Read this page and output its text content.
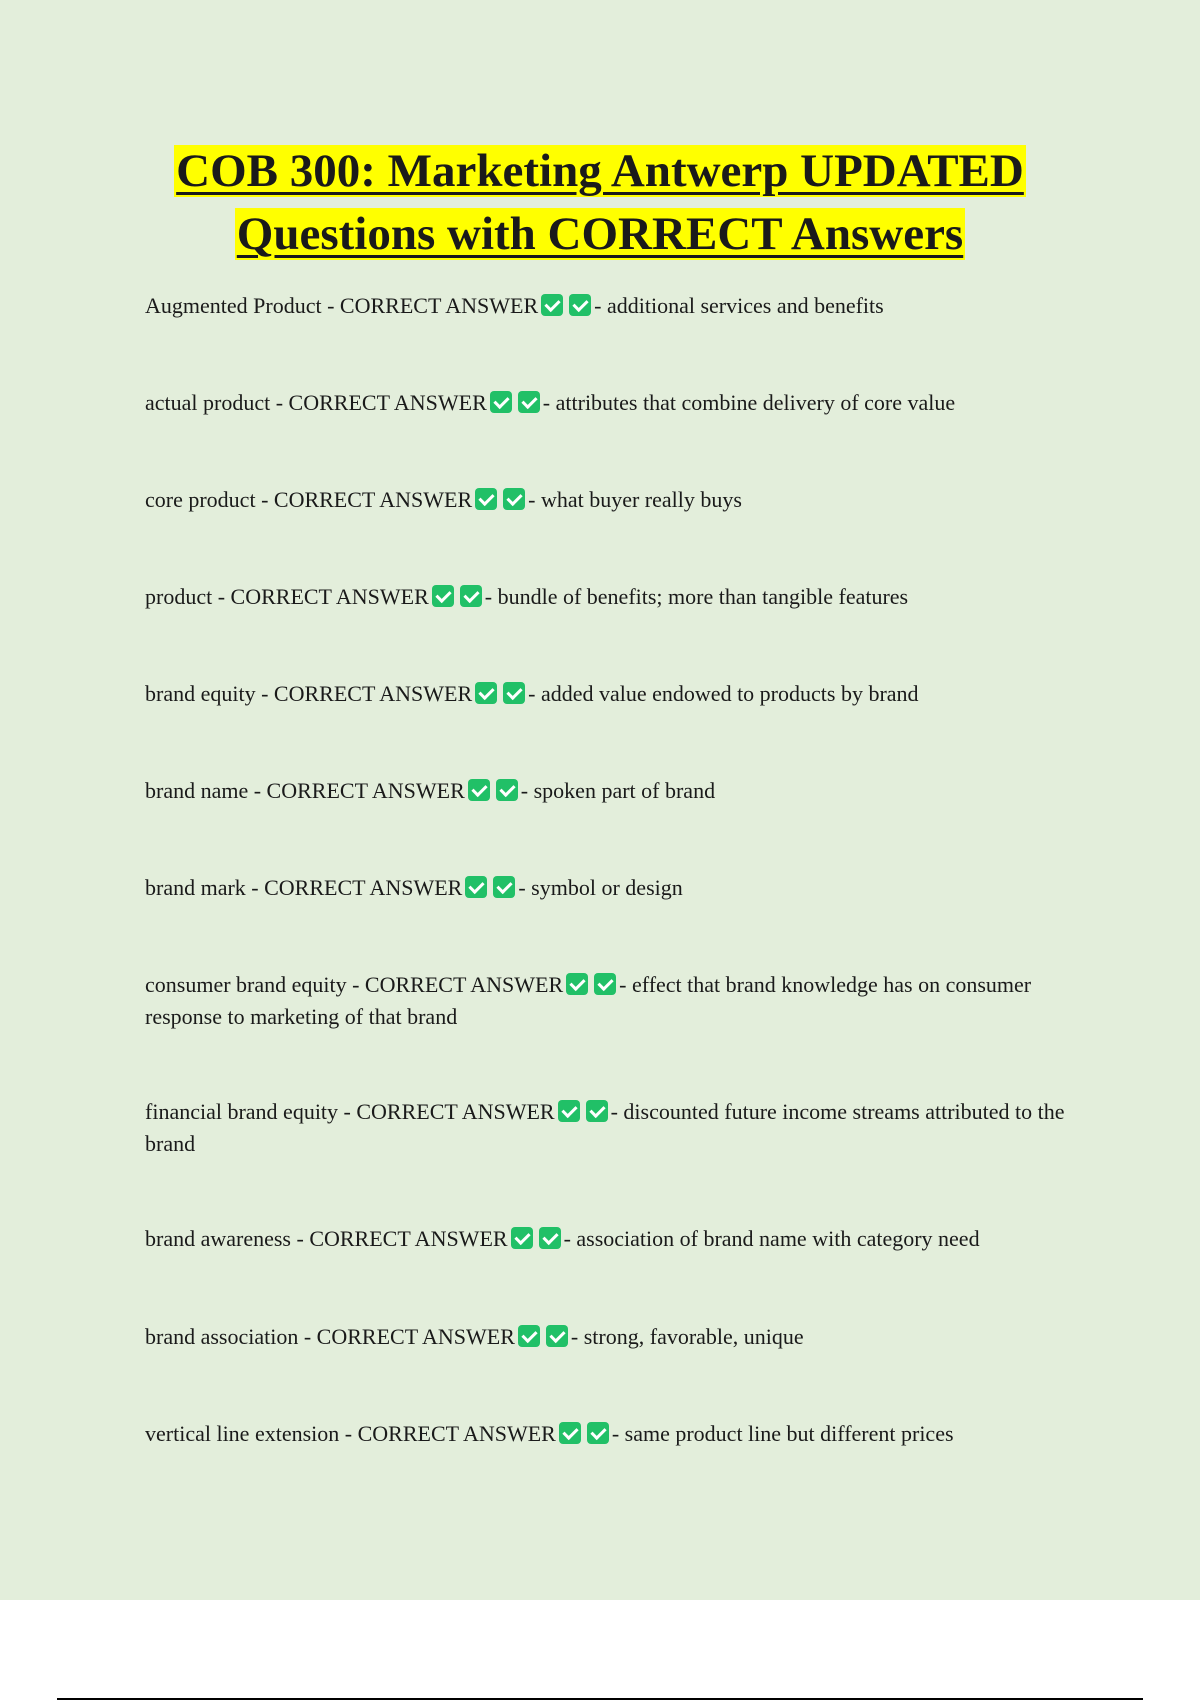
COB 300: Marketing Antwerp UPDATED
Questions with CORRECT Answers

Augmented Product - CORRECT ANSWER	- additional services and benefits

actual product - CORRECT ANSWER	- attributes that combine delivery of core value

core product - CORRECT ANSWER	- what buyer really buys

product - CORRECT ANSWER	- bundle of benefits; more than tangible features

brand equity - CORRECT ANSWER	- added value endowed to products by brand

brand name - CORRECT ANSWER	- spoken part of brand

brand mark - CORRECT ANSWER	- symbol or design

consumer brand equity - CORRECT ANSWER	- effect that brand knowledge has on consumer response to marketing of that brand

financial brand equity - CORRECT ANSWER	- discounted future income streams attributed to the brand

brand awareness - CORRECT ANSWER	- association of brand name with category need

brand association - CORRECT ANSWER	- strong, favorable, unique

vertical line extension - CORRECT ANSWER	- same product line but different prices
